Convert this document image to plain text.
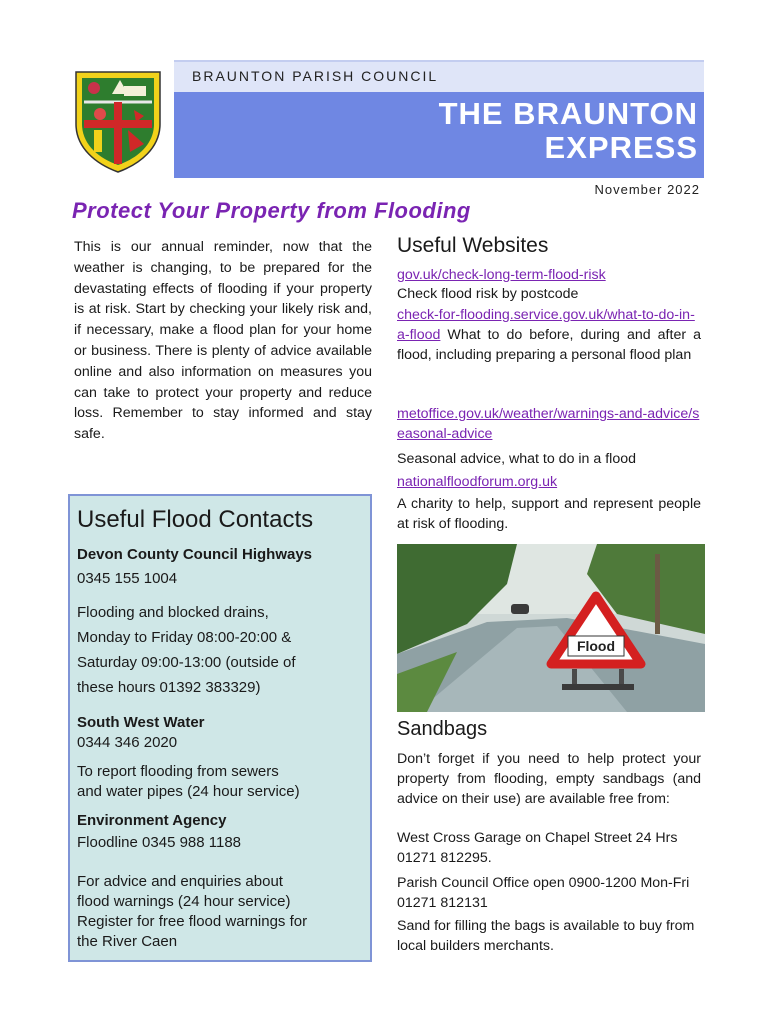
BRAUNTON PARISH COUNCIL
THE BRAUNTON
EXPRESS
November 2022
Protect Your Property from Flooding
This is our annual reminder, now that the weather is changing, to be prepared for the devastating effects of flooding if your property is at risk. Start by checking your likely risk and, if necessary, make a flood plan for your home or business. There is plenty of advice available online and also information on measures you can take to protect your property and reduce loss. Remember to stay informed and stay safe.
Useful Flood Contacts
Devon County Council Highways
0345 155 1004
Flooding and blocked drains,
Monday to Friday 08:00-20:00 &
Saturday 09:00-13:00 (outside of
these hours 01392 383329)
South West Water
0344 346 2020
To report flooding from sewers
and water pipes (24 hour service)
Environment Agency
Floodline 0345 988 1188
For advice and enquiries about
flood warnings (24 hour service)
Register for free flood warnings for
the River Caen
Useful Websites
gov.uk/check-long-term-flood-risk
Check flood risk by postcode
check-for-flooding.service.gov.uk/what-to-do-in-a-flood What to do before, during and after a flood, including preparing a personal flood plan
metoffice.gov.uk/weather/warnings-and-advice/seasonal-advice
Seasonal advice, what to do in a flood
nationalfloodforum.org.uk
A charity to help, support and represent people at risk of flooding.
Flood
Sandbags
Don’t forget if you need to help protect your property from flooding, empty sandbags (and advice on their use) are available free from:
West Cross Garage on Chapel Street 24 Hrs 01271 812295.
Parish Council Office open 0900-1200 Mon-Fri 01271 812131
Sand for filling the bags is available to buy from local builders merchants.
